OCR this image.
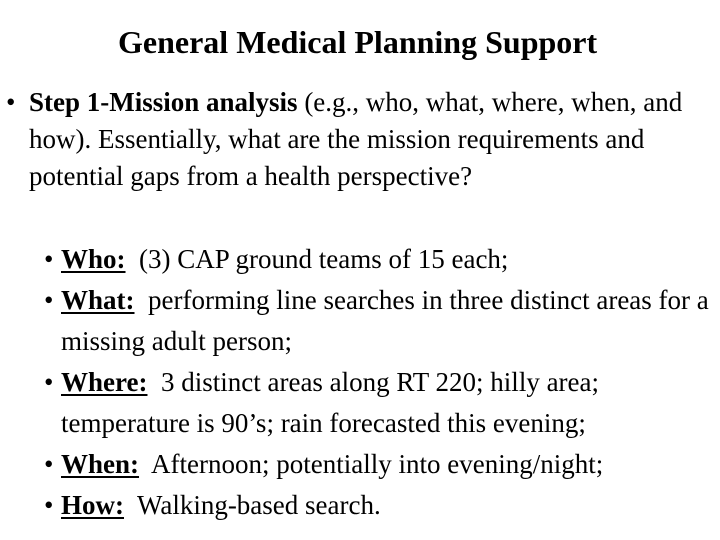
General Medical Planning Support
• Step 1-Mission analysis (e.g., who, what, where, when, and how). Essentially, what are the mission requirements and potential gaps from a health perspective?
• Who:  (3) CAP ground teams of 15 each;
• What:  performing line searches in three distinct areas for a missing adult person;
• Where:  3 distinct areas along RT 220; hilly area; temperature is 90’s; rain forecasted this evening;
• When:  Afternoon; potentially into evening/night;
• How:  Walking-based search.
